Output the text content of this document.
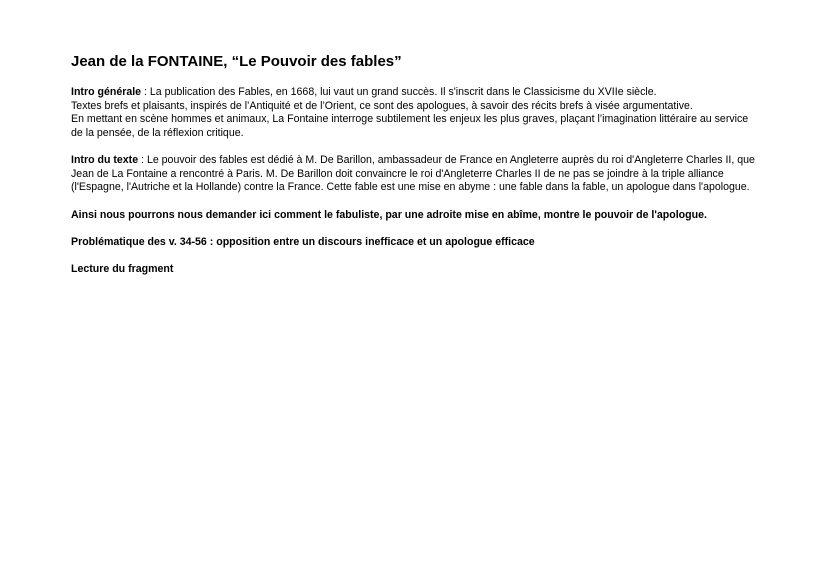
Jean de la FONTAINE, “Le Pouvoir des fables”

Intro générale : La publication des Fables, en 1668, lui vaut un grand succès. Il s'inscrit dans le Classicisme du XVIIe siècle.
Textes brefs et plaisants, inspirés de l’Antiquité et de l’Orient, ce sont des apologues, à savoir des récits brefs à visée argumentative.
En mettant en scène hommes et animaux, La Fontaine interroge subtilement les enjeux les plus graves, plaçant l’imagination littéraire au service de la pensée, de la réflexion critique.

Intro du texte : Le pouvoir des fables est dédié à M. De Barillon, ambassadeur de France en Angleterre auprès du roi d'Angleterre Charles II, que Jean de La Fontaine a rencontré à Paris. M. De Barillon doit convaincre le roi d'Angleterre Charles II de ne pas se joindre à la triple alliance (l'Espagne, l'Autriche et la Hollande) contre la France. Cette fable est une mise en abyme : une fable dans la fable, un apologue dans l'apologue.

Ainsi nous pourrons nous demander ici comment le fabuliste, par une adroite mise en abîme, montre le pouvoir de l'apologue.

Problématique des v. 34-56 : opposition entre un discours inefficace et un apologue efficace

Lecture du fragment
